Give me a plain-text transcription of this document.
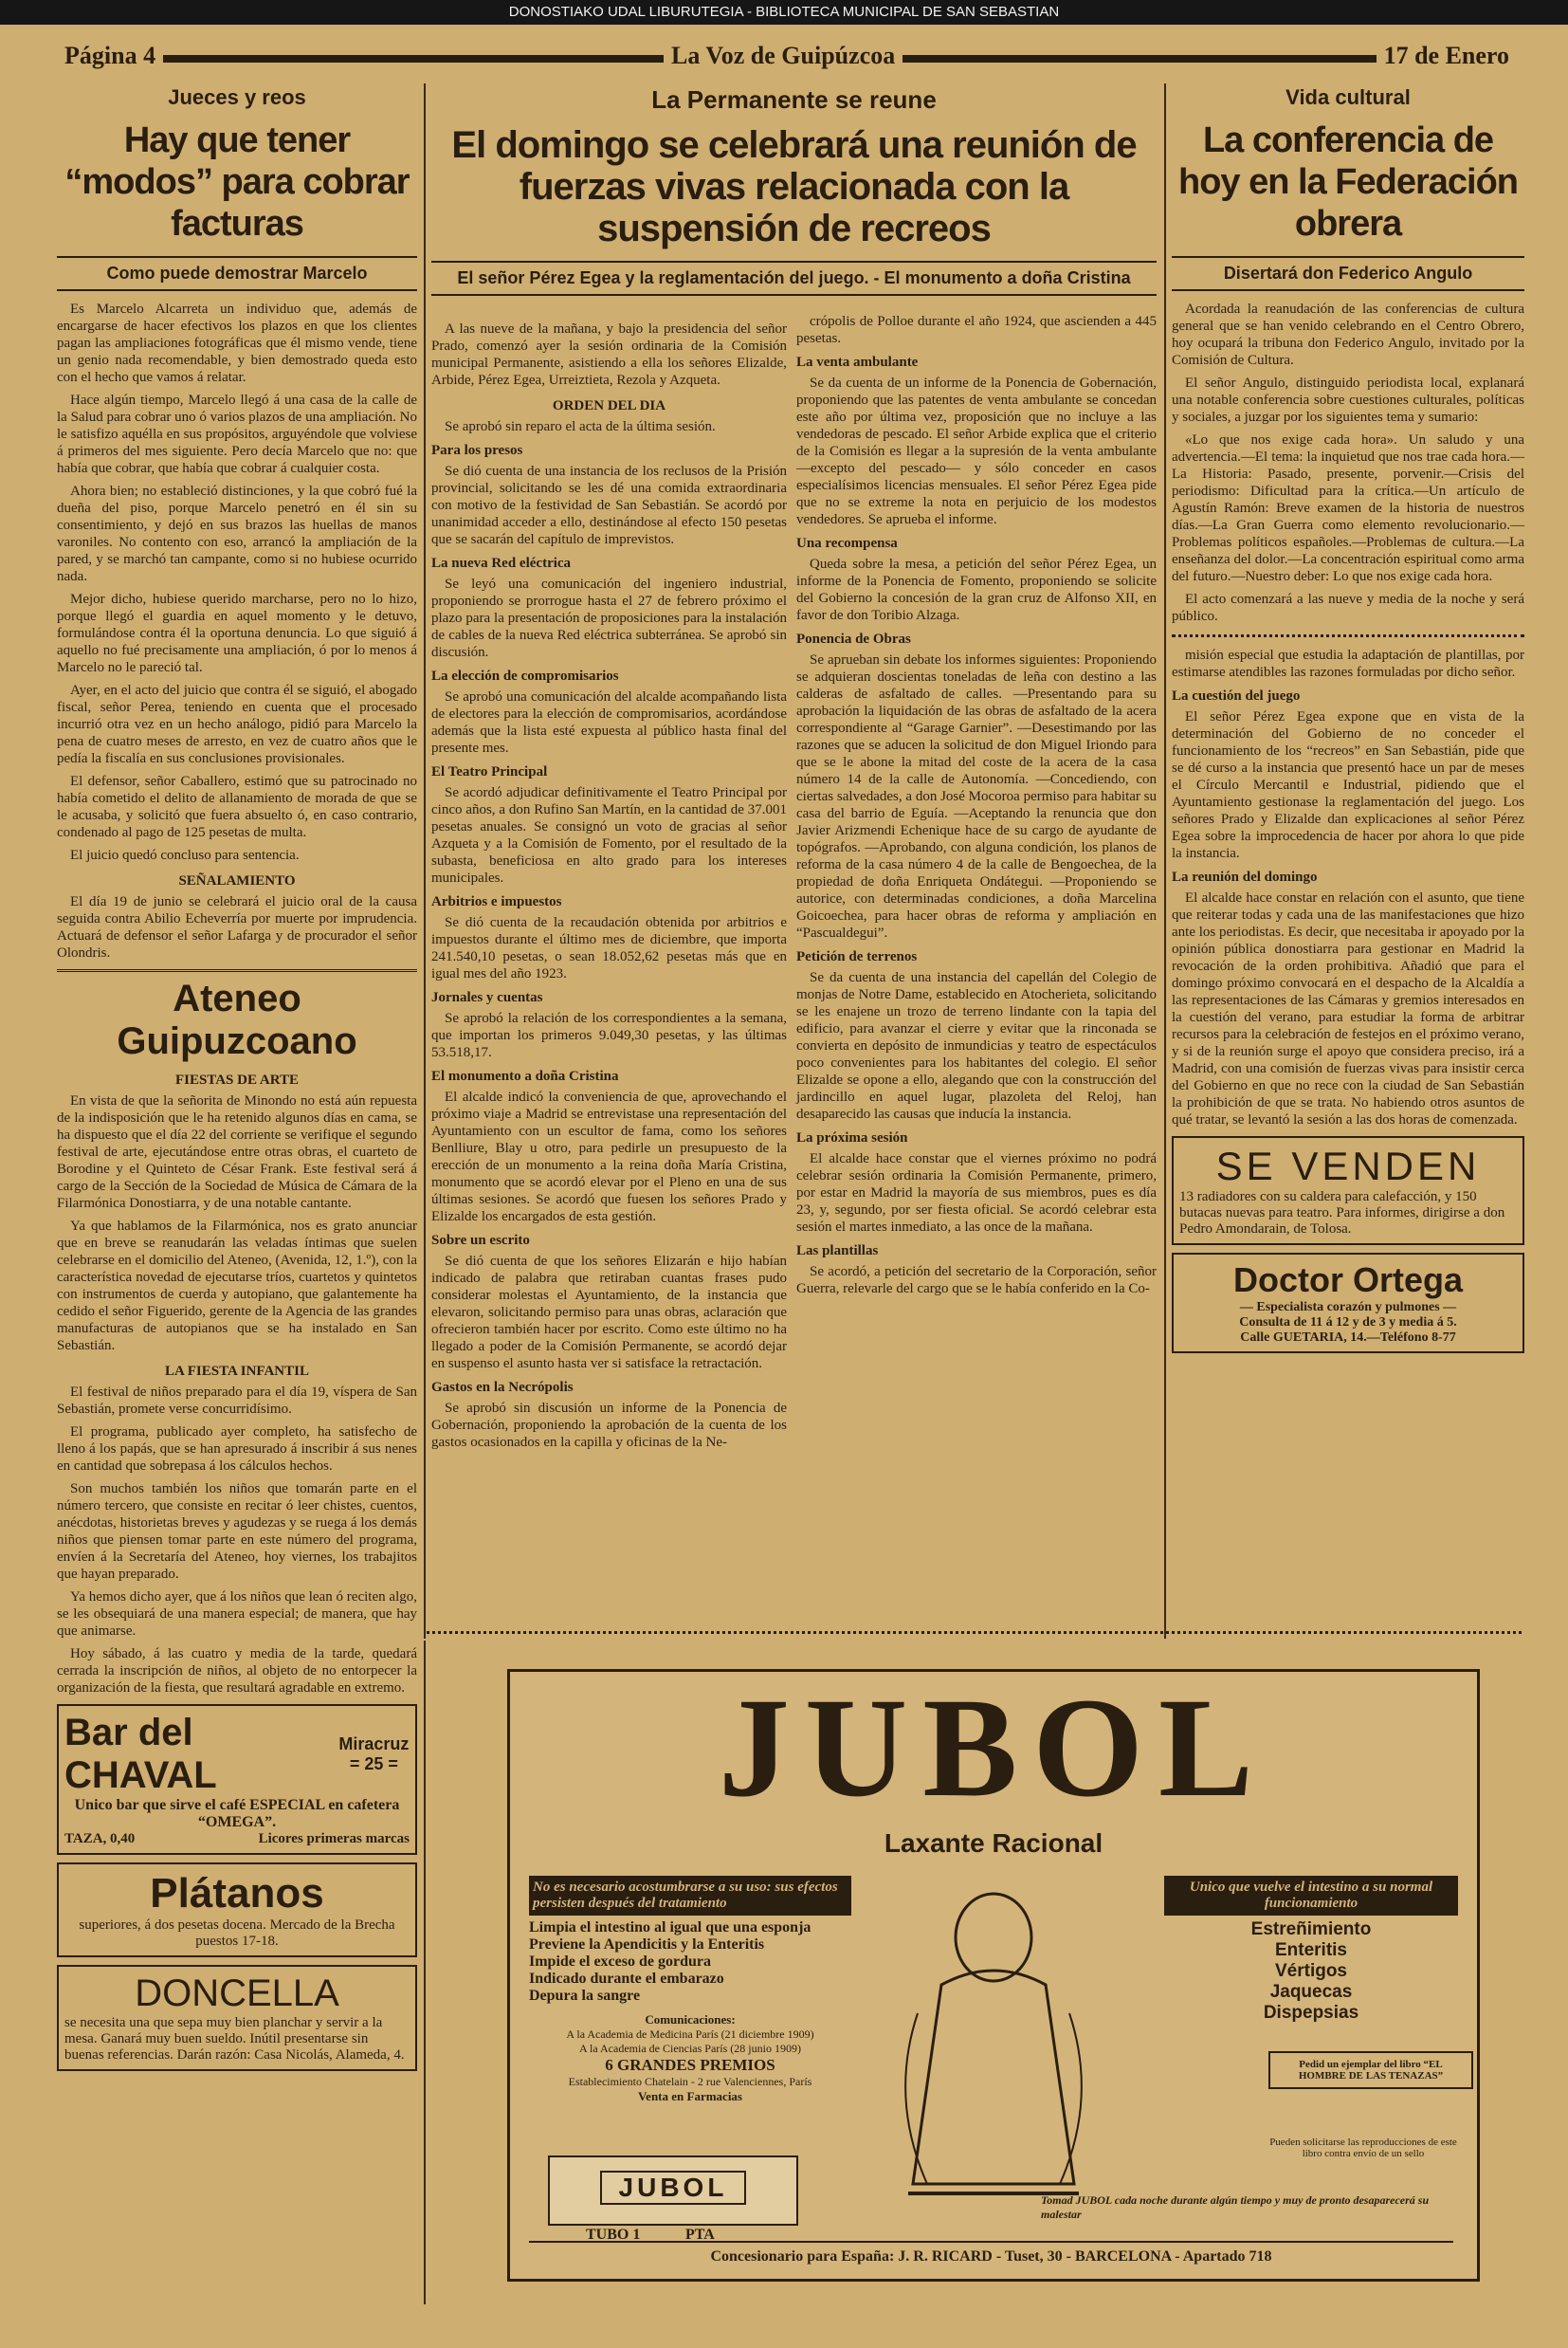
DONOSTIAKO UDAL LIBURUTEGIA - BIBLIOTECA MUNICIPAL DE SAN SEBASTIAN
Página 4	La Voz de Guipúzcoa	17 de Enero
Jueces y reos
Hay que tener “modos” para cobrar facturas
Como puede demostrar Marcelo

Es Marcelo Alcarreta un individuo que, además de encargarse de hacer efectivos los plazos en que los clientes pagan las ampliaciones fotográficas que él mismo vende, tiene un genio nada recomendable, y bien demostrado queda esto con el hecho que vamos á relatar.

Hace algún tiempo, Marcelo llegó á una casa de la calle de la Salud para cobrar uno ó varios plazos de una ampliación. No le satisfizo aquélla en sus propósitos, arguyéndole que volviese á primeros del mes siguiente. Pero decía Marcelo que no: que había que cobrar, que había que cobrar á cualquier costa.

Ahora bien; no estableció distinciones, y la que cobró fué la dueña del piso, porque Marcelo penetró en él sin su consentimiento, y dejó en sus brazos las huellas de manos varoniles. No contento con eso, arrancó la ampliación de la pared, y se marchó tan campante, como si no hubiese ocurrido nada.

Mejor dicho, hubiese querido marcharse, pero no lo hizo, porque llegó el guardia en aquel momento y le detuvo, formulándose contra él la oportuna denuncia. Lo que siguió á aquello no fué precisamente una ampliación, ó por lo menos á Marcelo no le pareció tal.

Ayer, en el acto del juicio que contra él se siguió, el abogado fiscal, señor Perea, teniendo en cuenta que el procesado incurrió otra vez en un hecho análogo, pidió para Marcelo la pena de cuatro meses de arresto, en vez de cuatro años que le pedía la fiscalía en sus conclusiones provisionales.

El defensor, señor Caballero, estimó que su patrocinado no había cometido el delito de allanamiento de morada de que se le acusaba, y solicitó que fuera absuelto ó, en caso contrario, condenado al pago de 125 pesetas de multa.

El juicio quedó concluso para sentencia.

SEÑALAMIENTO

El día 19 de junio se celebrará el juicio oral de la causa seguida contra Abilio Echeverría por muerte por imprudencia. Actuará de defensor el señor Lafarga y de procurador el señor Olondris.

Ateneo Guipuzcoano
FIESTAS DE ARTE

En vista de que la señorita de Minondo no está aún repuesta de la indisposición que le ha retenido algunos días en cama, se ha dispuesto que el día 22 del corriente se verifique el segundo festival de arte, ejecutándose entre otras obras, el cuarteto de Borodine y el Quinteto de César Frank. Este festival será á cargo de la Sección de la Sociedad de Música de Cámara de la Filarmónica Donostiarra, y de una notable cantante.

Ya que hablamos de la Filarmónica, nos es grato anunciar que en breve se reanudarán las veladas íntimas que suelen celebrarse en el domicilio del Ateneo, (Avenida, 12, 1.º), con la característica novedad de ejecutarse tríos, cuartetos y quintetos con instrumentos de cuerda y autopiano, que galantemente ha cedido el señor Figuerido, gerente de la Agencia de las grandes manufacturas de autopianos que se ha instalado en San Sebastián.

LA FIESTA INFANTIL

El festival de niños preparado para el día 19, víspera de San Sebastián, promete verse concurridísimo.

El programa, publicado ayer completo, ha satisfecho de lleno á los papás, que se han apresurado á inscribir á sus nenes en cantidad que sobrepasa á los cálculos hechos.

Son muchos también los niños que tomarán parte en el número tercero, que consiste en recitar ó leer chistes, cuentos, anécdotas, historietas breves y agudezas y se ruega á los demás niños que piensen tomar parte en este número del programa, envíen á la Secretaría del Ateneo, hoy viernes, los trabajitos que hayan preparado.

Ya hemos dicho ayer, que á los niños que lean ó reciten algo, se les obsequiará de una manera especial; de manera, que hay que animarse.

Hoy sábado, á las cuatro y media de la tarde, quedará cerrada la inscripción de niños, al objeto de no entorpecer la organización de la fiesta, que resultará agradable en extremo.

Bar del CHAVAL
Miracruz = 25 =
Unico bar que sirve el café ESPECIAL en cafetera “OMEGA”.
TAZA, 0,40	Licores primeras marcas
Plátanos
superiores, á dos pesetas docena. Mercado de la Brecha puestos 17-18.
DONCELLA
se necesita una que sepa muy bien planchar y servir a la mesa. Ganará muy buen sueldo. Inútil presentarse sin buenas referencias. Darán razón: Casa Nicolás, Alameda, 4.
La Permanente se reune
El domingo se celebrará una reunión de fuerzas vivas relacionada con la suspensión de recreos
El señor Pérez Egea y la reglamentación del juego. - El monumento a doña Cristina

A las nueve de la mañana, y bajo la presidencia del señor Prado, comenzó ayer la sesión ordinaria de la Comisión municipal Permanente, asistiendo a ella los señores Elizalde, Arbide, Pérez Egea, Urreiztieta, Rezola y Azqueta.

ORDEN DEL DIA

Se aprobó sin reparo el acta de la última sesión.

Para los presos

Se dió cuenta de una instancia de los reclusos de la Prisión provincial, solicitando se les dé una comida extraordinaria con motivo de la festividad de San Sebastián. Se acordó por unanimidad acceder a ello, destinándose al efecto 150 pesetas que se sacarán del capítulo de imprevistos.

La nueva Red eléctrica

Se leyó una comunicación del ingeniero industrial, proponiendo se prorrogue hasta el 27 de febrero próximo el plazo para la presentación de proposiciones para la instalación de cables de la nueva Red eléctrica subterránea. Se aprobó sin discusión.

La elección de compromisarios

Se aprobó una comunicación del alcalde acompañando lista de electores para la elección de compromisarios, acordándose además que la lista esté expuesta al público hasta final del presente mes.

El Teatro Principal

Se acordó adjudicar definitivamente el Teatro Principal por cinco años, a don Rufino San Martín, en la cantidad de 37.001 pesetas anuales. Se consignó un voto de gracias al señor Azqueta y a la Comisión de Fomento, por el resultado de la subasta, beneficiosa en alto grado para los intereses municipales.

Arbitrios e impuestos

Se dió cuenta de la recaudación obtenida por arbitrios e impuestos durante el último mes de diciembre, que importa 241.540,10 pesetas, o sean 18.052,62 pesetas más que en igual mes del año 1923.

Jornales y cuentas

Se aprobó la relación de los correspondientes a la semana, que importan los primeros 9.049,30 pesetas, y las últimas 53.518,17.

El monumento a doña Cristina

El alcalde indicó la conveniencia de que, aprovechando el próximo viaje a Madrid se entrevistase una representación del Ayuntamiento con un escultor de fama, como los señores Benlliure, Blay u otro, para pedirle un presupuesto de la erección de un monumento a la reina doña María Cristina, monumento que se acordó elevar por el Pleno en una de sus últimas sesiones. Se acordó que fuesen los señores Prado y Elizalde los encargados de esta gestión.

Sobre un escrito

Se dió cuenta de que los señores Elizarán e hijo habían indicado de palabra que retiraban cuantas frases pudo considerar molestas el Ayuntamiento, de la instancia que elevaron, solicitando permiso para unas obras, aclaración que ofrecieron también hacer por escrito. Como este último no ha llegado a poder de la Comisión Permanente, se acordó dejar en suspenso el asunto hasta ver si satisface la retractación.

Gastos en la Necrópolis

Se aprobó sin discusión un informe de la Ponencia de Gobernación, proponiendo la aprobación de la cuenta de los gastos ocasionados en la capilla y oficinas de la Ne-

crópolis de Polloe durante el año 1924, que ascienden a 445 pesetas.

La venta ambulante

Se da cuenta de un informe de la Ponencia de Gobernación, proponiendo que las patentes de venta ambulante se concedan este año por última vez, proposición que no incluye a las vendedoras de pescado. El señor Arbide explica que el criterio de la Comisión es llegar a la supresión de la venta ambulante—excepto del pescado— y sólo conceder en casos especialísimos licencias mensuales. El señor Pérez Egea pide que no se extreme la nota en perjuicio de los modestos vendedores. Se aprueba el informe.

Una recompensa

Queda sobre la mesa, a petición del señor Pérez Egea, un informe de la Ponencia de Fomento, proponiendo se solicite del Gobierno la concesión de la gran cruz de Alfonso XII, en favor de don Toribio Alzaga.

Ponencia de Obras

Se aprueban sin debate los informes siguientes: Proponiendo se adquieran doscientas toneladas de leña con destino a las calderas de asfaltado de calles. —Presentando para su aprobación la liquidación de las obras de asfaltado de la acera correspondiente al “Garage Garnier”. —Desestimando por las razones que se aducen la solicitud de don Miguel Iriondo para que se le abone la mitad del coste de la acera de la casa número 14 de la calle de Autonomía. —Concediendo, con ciertas salvedades, a don José Mocoroa permiso para habitar su casa del barrio de Eguía. —Aceptando la renuncia que don Javier Arizmendi Echenique hace de su cargo de ayudante de topógrafos. —Aprobando, con alguna condición, los planos de reforma de la casa número 4 de la calle de Bengoechea, de la propiedad de doña Enriqueta Ondátegui. —Proponiendo se autorice, con determinadas condiciones, a doña Marcelina Goicoechea, para hacer obras de reforma y ampliación en “Pascualdegui”.

Petición de terrenos

Se da cuenta de una instancia del capellán del Colegio de monjas de Notre Dame, establecido en Atocherieta, solicitando se les enajene un trozo de terreno lindante con la tapia del edificio, para avanzar el cierre y evitar que la rinconada se convierta en depósito de inmundicias y teatro de espectáculos poco convenientes para los habitantes del colegio. El señor Elizalde se opone a ello, alegando que con la construcción del jardincillo en aquel lugar, plazoleta del Reloj, han desaparecido las causas que inducía la instancia.

La próxima sesión

El alcalde hace constar que el viernes próximo no podrá celebrar sesión ordinaria la Comisión Permanente, primero, por estar en Madrid la mayoría de sus miembros, pues es día 23, y, segundo, por ser fiesta oficial. Se acordó celebrar esta sesión el martes inmediato, a las once de la mañana.

Las plantillas

Se acordó, a petición del secretario de la Corporación, señor Guerra, relevarle del cargo que se le había conferido en la Co-

Vida cultural
La conferencia de hoy en la Federación obrera
Disertará don Federico Angulo

Acordada la reanudación de las conferencias de cultura general que se han venido celebrando en el Centro Obrero, hoy ocupará la tribuna don Federico Angulo, invitado por la Comisión de Cultura.

El señor Angulo, distinguido periodista local, explanará una notable conferencia sobre cuestiones culturales, políticas y sociales, a juzgar por los siguientes tema y sumario:

«Lo que nos exige cada hora». Un saludo y una advertencia.—El tema: la inquietud que nos trae cada hora.—La Historia: Pasado, presente, porvenir.—Crisis del periodismo: Dificultad para la crítica.—Un artículo de Agustín Ramón: Breve examen de la historia de nuestros días.—La Gran Guerra como elemento revolucionario.—Problemas políticos españoles.—Problemas de cultura.—La enseñanza del dolor.—La concentración espiritual como arma del futuro.—Nuestro deber: Lo que nos exige cada hora.

El acto comenzará a las nueve y media de la noche y será público.

misión especial que estudia la adaptación de plantillas, por estimarse atendibles las razones formuladas por dicho señor.

La cuestión del juego

El señor Pérez Egea expone que en vista de la determinación del Gobierno de no conceder el funcionamiento de los “recreos” en San Sebastián, pide que se dé curso a la instancia que presentó hace un par de meses el Círculo Mercantil e Industrial, pidiendo que el Ayuntamiento gestionase la reglamentación del juego. Los señores Prado y Elizalde dan explicaciones al señor Pérez Egea sobre la improcedencia de hacer por ahora lo que pide la instancia.

La reunión del domingo

El alcalde hace constar en relación con el asunto, que tiene que reiterar todas y cada una de las manifestaciones que hizo ante los periodistas. Es decir, que necesitaba ir apoyado por la opinión pública donostiarra para gestionar en Madrid la revocación de la orden prohibitiva. Añadió que para el domingo próximo convocará en el despacho de la Alcaldía a las representaciones de las Cámaras y gremios interesados en la cuestión del verano, para estudiar la forma de arbitrar recursos para la celebración de festejos en el próximo verano, y si de la reunión surge el apoyo que considera preciso, irá a Madrid, con una comisión de fuerzas vivas para insistir cerca del Gobierno en que no rece con la ciudad de San Sebastián la prohibición de que se trata. No habiendo otros asuntos de qué tratar, se levantó la sesión a las dos horas de comenzada.

SE VENDEN
13 radiadores con su caldera para calefacción, y 150 butacas nuevas para teatro. Para informes, dirigirse a don Pedro Amondarain, de Tolosa.
Doctor Ortega
— Especialista corazón y pulmones —
Consulta de 11 á 12 y de 3 y media á 5.
Calle GUETARIA, 14.—Teléfono 8-77
JUBOL
Laxante Racional
No es necesario acostumbrarse a su uso: sus efectos persisten después del tratamiento
Limpia el intestino al igual que una esponja
Previene la Apendicitis y la Enteritis
Impide el exceso de gordura
Indicado durante el embarazo
Depura la sangre
Comunicaciones:
A la Academia de Medicina París (21 diciembre 1909)
A la Academia de Ciencias París (28 junio 1909)
6 GRANDES PREMIOS
Establecimiento Chatelain - 2 rue Valenciennes, París
Venta en Farmacias
JUBOL
TUBO 1	PTA
Unico que vuelve el intestino a su normal funcionamiento
Estreñimiento
Enteritis
Vértigos
Jaquecas
Dispepsias
Pedid un ejemplar del libro “EL HOMBRE DE LAS TENAZAS”
Pueden solicitarse las reproducciones de este libro contra envío de un sello
Tomad JUBOL cada noche durante algún tiempo y muy de pronto desaparecerá su malestar
Concesionario para España: J. R. RICARD - Tuset, 30 - BARCELONA - Apartado 718
